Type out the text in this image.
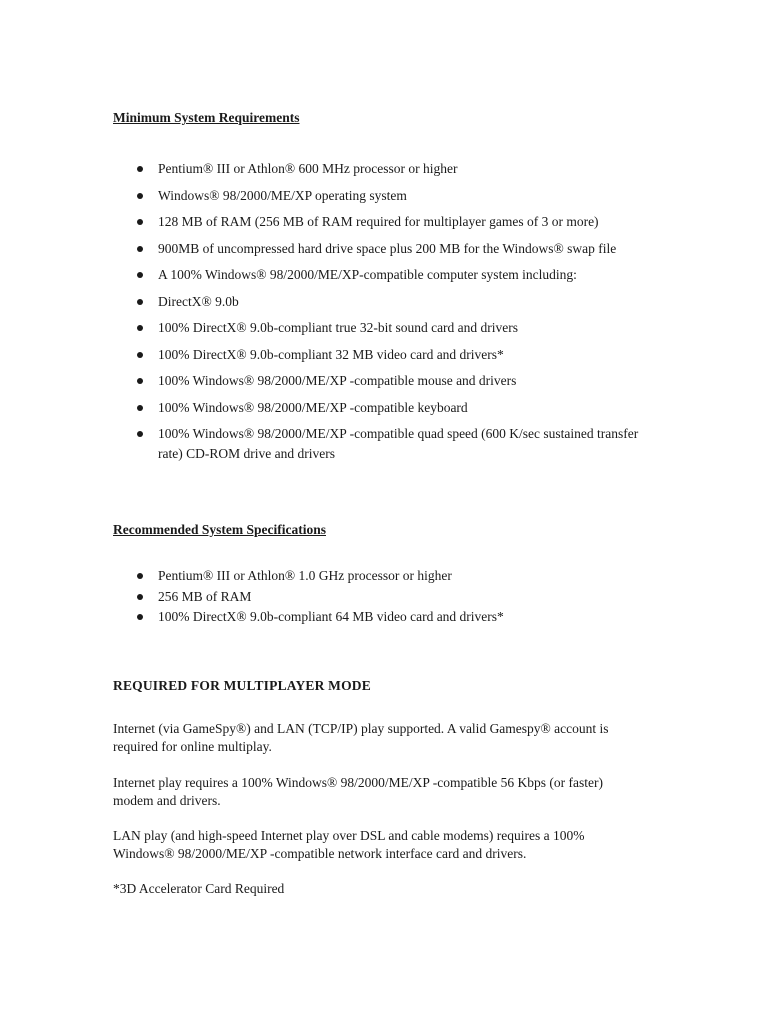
Minimum System Requirements
Pentium® III or Athlon® 600 MHz processor or higher
Windows® 98/2000/ME/XP operating system
128 MB of RAM (256 MB of RAM required for multiplayer games of 3 or more)
900MB of uncompressed hard drive space plus 200 MB for the Windows® swap file
A 100% Windows® 98/2000/ME/XP-compatible computer system including:
DirectX® 9.0b
100% DirectX® 9.0b-compliant true 32-bit sound card and drivers
100% DirectX® 9.0b-compliant 32 MB video card and drivers*
100% Windows® 98/2000/ME/XP -compatible mouse and drivers
100% Windows® 98/2000/ME/XP -compatible keyboard
100% Windows® 98/2000/ME/XP -compatible quad speed (600 K/sec sustained transfer rate) CD-ROM drive and drivers
Recommended System Specifications
Pentium® III or Athlon® 1.0 GHz processor or higher
256 MB of RAM
100% DirectX® 9.0b-compliant 64 MB video card and drivers*
REQUIRED FOR MULTIPLAYER MODE
Internet (via GameSpy®) and LAN (TCP/IP) play supported. A valid Gamespy® account is required for online multiplay.
Internet play requires a 100% Windows® 98/2000/ME/XP -compatible 56 Kbps (or faster) modem and drivers.
LAN play (and high-speed Internet play over DSL and cable modems) requires a 100% Windows® 98/2000/ME/XP -compatible network interface card and drivers.
*3D Accelerator Card Required
